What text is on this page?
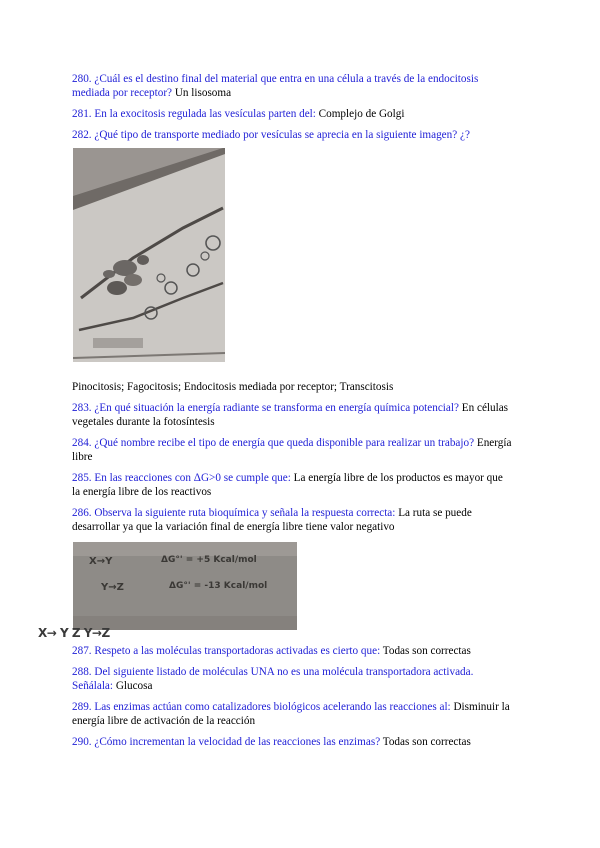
280. ¿Cuál es el destino final del material que entra en una célula a través de la endocitosis mediada por receptor? Un lisosoma

281. En la exocitosis regulada las vesículas parten del: Complejo de Golgi

282. ¿Qué tipo de transporte mediado por vesículas se aprecia en la siguiente imagen? ¿?

Pinocitosis; Fagocitosis; Endocitosis mediada por receptor; Transcitosis

283. ¿En qué situación la energía radiante se transforma en energía química potencial? En células vegetales durante la fotosíntesis

284. ¿Qué nombre recibe el tipo de energía que queda disponible para realizar un trabajo? Energía libre

285. En las reacciones con ΔG>0 se cumple que: La energía libre de los productos es mayor que la energía libre de los reactivos

286. Observa la siguiente ruta bioquímica y señala la respuesta correcta: La ruta se puede desarrollar ya que la variación final de energía libre tiene valor negativo

X→Y	ΔG°' = +5 Kcal/mol
Y→Z	ΔG°' = -13 Kcal/mol

287. Respeto a las moléculas transportadoras activadas es cierto que: Todas son correctas

288. Del siguiente listado de moléculas UNA no es una molécula transportadora activada. Señálala: Glucosa

289. Las enzimas actúan como catalizadores biológicos acelerando las reacciones al: Disminuir la energía libre de activación de la reacción

290. ¿Cómo incrementan la velocidad de las reacciones las enzimas? Todas son correctas

X→ Y Z Y→Z
